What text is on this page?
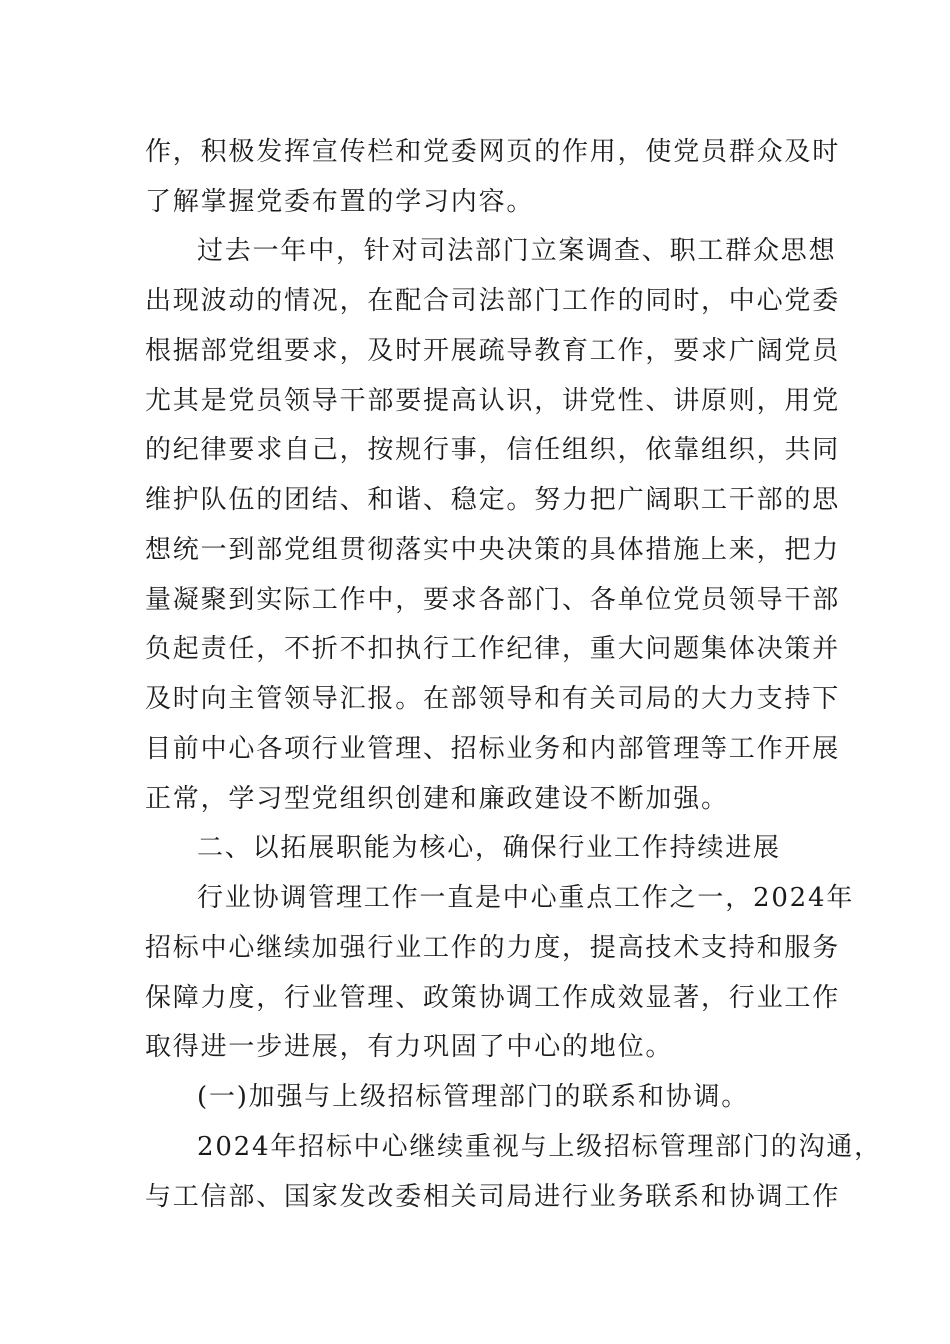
作，积极发挥宣传栏和党委网页的作用，使党员群众及时
了解掌握党委布置的学习内容。
过去一年中，针对司法部门立案调查、职工群众思想
出现波动的情况，在配合司法部门工作的同时，中心党委
根据部党组要求，及时开展疏导教育工作，要求广阔党员
尤其是党员领导干部要提高认识，讲党性、讲原则，用党
的纪律要求自己，按规行事，信任组织，依靠组织，共同
维护队伍的团结、和谐、稳定。努力把广阔职工干部的思
想统一到部党组贯彻落实中央决策的具体措施上来，把力
量凝聚到实际工作中，要求各部门、各单位党员领导干部
负起责任，不折不扣执行工作纪律，重大问题集体决策并
及时向主管领导汇报。在部领导和有关司局的大力支持下
目前中心各项行业管理、招标业务和内部管理等工作开展
正常，学习型党组织创建和廉政建设不断加强。
二、以拓展职能为核心，确保行业工作持续进展
行业协调管理工作一直是中心重点工作之一，2024年
招标中心继续加强行业工作的力度，提高技术支持和服务
保障力度，行业管理、政策协调工作成效显著，行业工作
取得进一步进展，有力巩固了中心的地位。
(一)加强与上级招标管理部门的联系和协调。
2024年招标中心继续重视与上级招标管理部门的沟通，
与工信部、国家发改委相关司局进行业务联系和协调工作
